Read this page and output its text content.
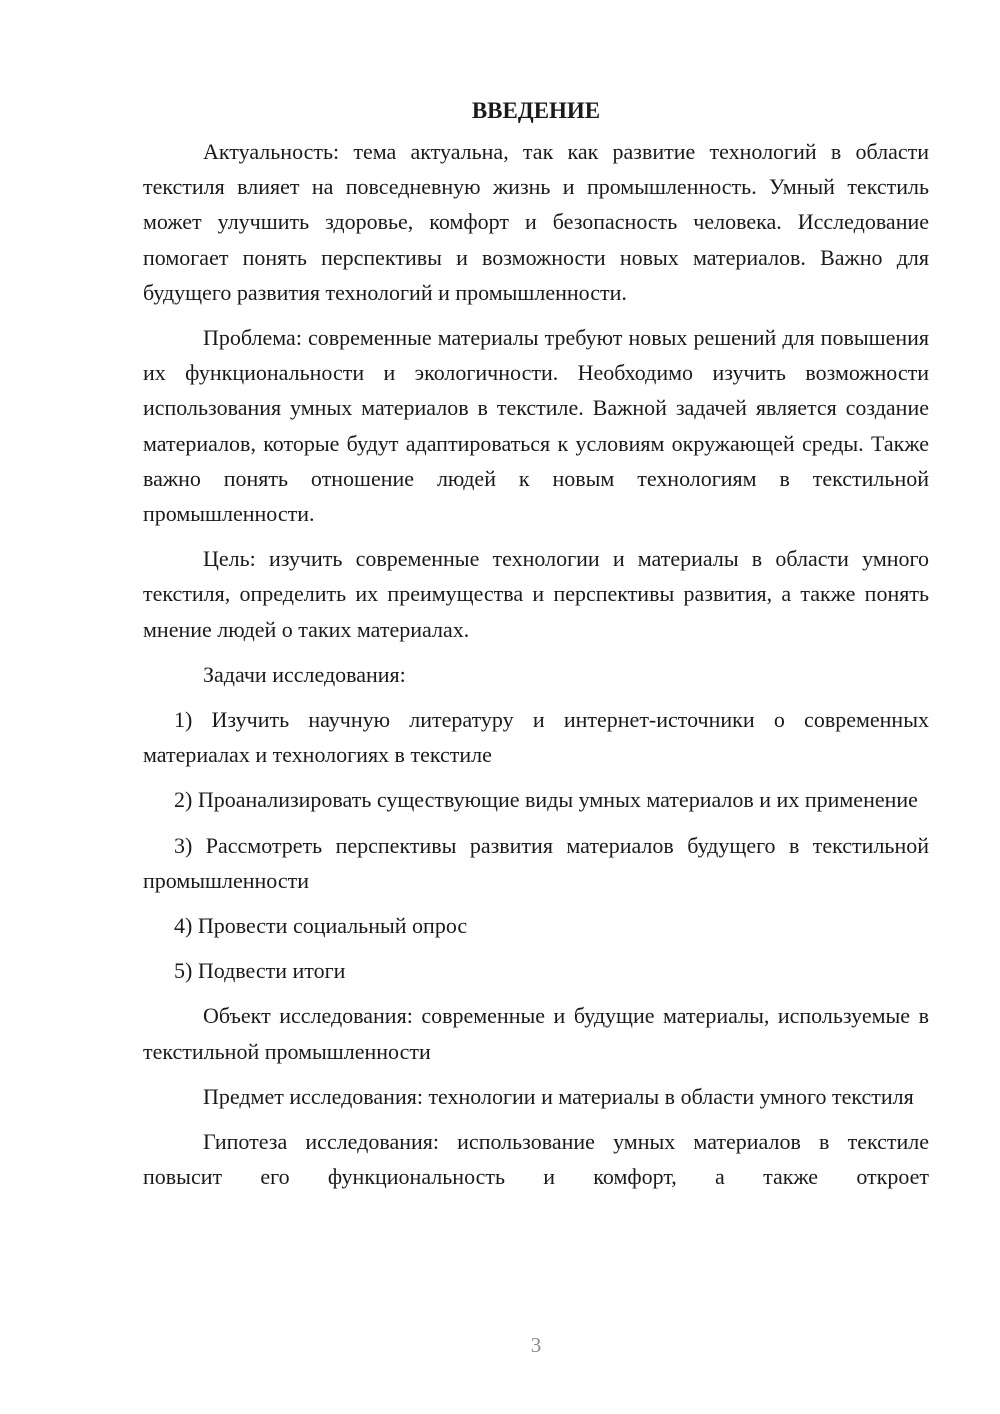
ВВЕДЕНИЕ

Актуальность: тема актуальна, так как развитие технологий в области текстиля влияет на повседневную жизнь и промышленность. Умный текстиль может улучшить здоровье, комфорт и безопасность человека. Исследование помогает понять перспективы и возможности новых материалов. Важно для будущего развития технологий и промышленности.

Проблема: современные материалы требуют новых решений для повышения их функциональности и экологичности. Необходимо изучить возможности использования умных материалов в текстиле. Важной задачей является создание материалов, которые будут адаптироваться к условиям окружающей среды. Также важно понять отношение людей к новым технологиям в текстильной промышленности.

Цель: изучить современные технологии и материалы в области умного текстиля, определить их преимущества и перспективы развития, а также понять мнение людей о таких материалах.

Задачи исследования:

1) Изучить научную литературу и интернет-источники о современных материалах и технологиях в текстиле

2) Проанализировать существующие виды умных материалов и их применение

3) Рассмотреть перспективы развития материалов будущего в текстильной промышленности

4) Провести социальный опрос

5) Подвести итоги

Объект исследования: современные и будущие материалы, используемые в текстильной промышленности

Предмет исследования: технологии и материалы в области умного текстиля

Гипотеза исследования: использование умных материалов в текстиле повысит его функциональность и комфорт, а также откроет

3
